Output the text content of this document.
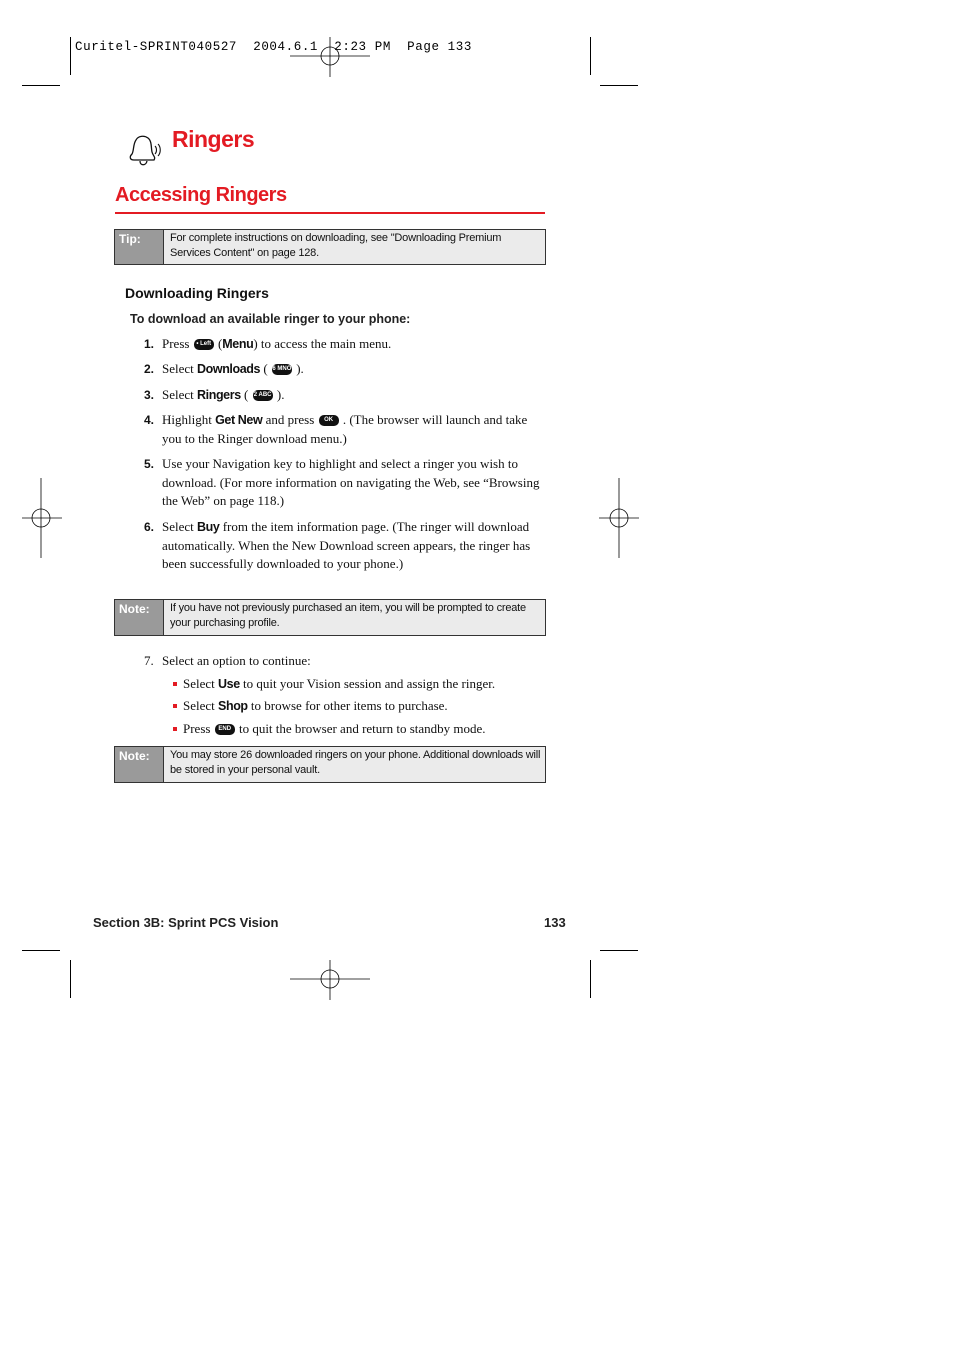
Curitel-SPRINT040527  2004.6.1  2:23 PM  Page 133
Ringers
Accessing Ringers
Tip:	For complete instructions on downloading, see "Downloading Premium Services Content" on page 128.
Downloading Ringers
To download an available ringer to your phone:
1. Press	• Left (Menu) to access the main menu.
2. Select Downloads ( 6 MNO ).
3. Select Ringers ( 2 ABC ).
4. Highlight Get New and press	OK . (The browser will launch and take you to the Ringer download menu.)
5. Use your Navigation key to highlight and select a ringer you wish to download. (For more information on navigating the Web, see “Browsing the Web” on page 118.)
6. Select Buy from the item information page. (The ringer will download automatically. When the New Download screen appears, the ringer has been successfully downloaded to your phone.)
Note:	If you have not previously purchased an item, you will be prompted to create your purchasing profile.
7. Select an option to continue:
Select Use to quit your Vision session and assign the ringer.
Select Shop to browse for other items to purchase.
Press	END to quit the browser and return to standby mode.
Note:	You may store 26 downloaded ringers on your phone. Additional downloads will be stored in your personal vault.
Section 3B: Sprint PCS Vision	133
